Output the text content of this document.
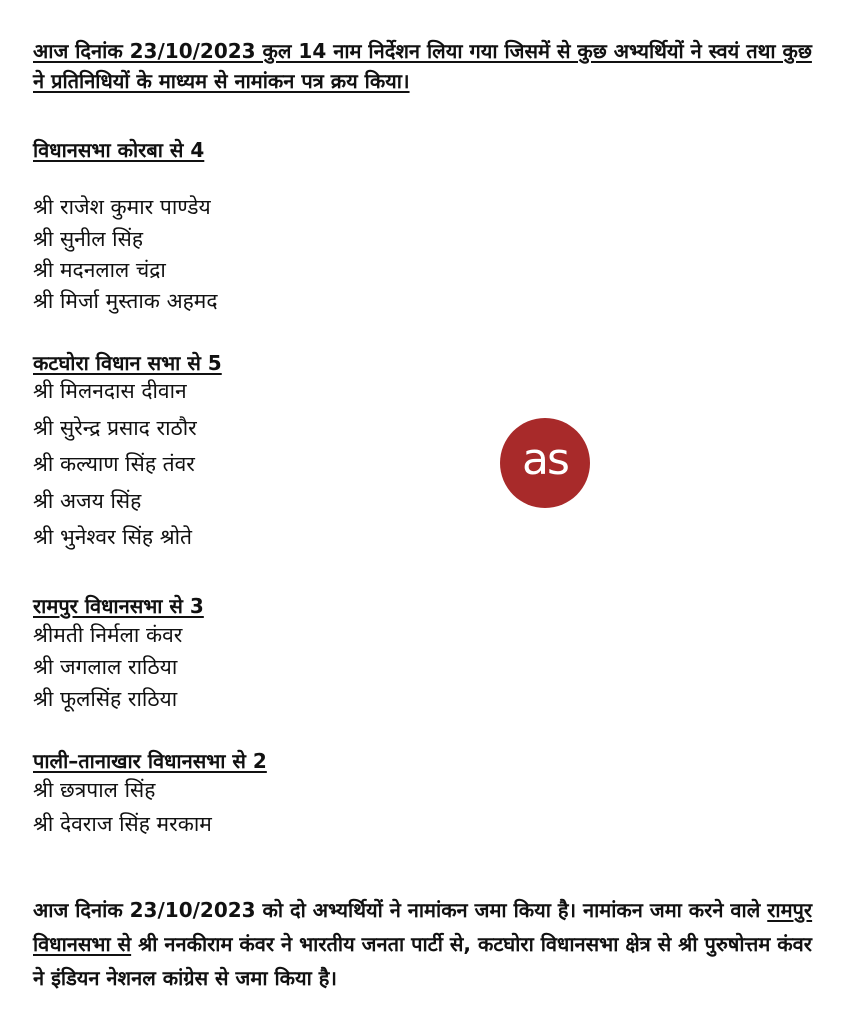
आज दिनांक 23/10/2023 कुल 14 नाम निर्देशन लिया गया जिसमें से कुछ अभ्यर्थियों ने स्वयं तथा कुछ ने प्रतिनिधियों के माध्यम से नामांकन पत्र क्रय किया।
विधानसभा कोरबा से 4
श्री राजेश कुमार पाण्डेय
श्री सुनील सिंह
श्री मदनलाल चंद्रा
श्री मिर्जा मुस्ताक अहमद
कटघोरा विधान सभा से 5
श्री मिलनदास दीवान
श्री सुरेन्द्र प्रसाद राठौर
श्री कल्याण सिंह तंवर
श्री अजय सिंह
श्री भुनेश्वर सिंह श्रोते
रामपुर विधानसभा से 3
श्रीमती निर्मला कंवर
श्री जगलाल राठिया
श्री फूलसिंह राठिया
पाली–तानाखार विधानसभा से 2
श्री छत्रपाल सिंह
श्री देवराज सिंह मरकाम
as
आज दिनांक 23/10/2023 को दो अभ्यर्थियों ने नामांकन जमा किया है। नामांकन जमा करने वाले रामपुर विधानसभा से श्री ननकीराम कंवर ने भारतीय जनता पार्टी से, कटघोरा विधानसभा क्षेत्र से श्री पुरुषोत्तम कंवर ने इंडियन नेशनल कांग्रेस से जमा किया है।
